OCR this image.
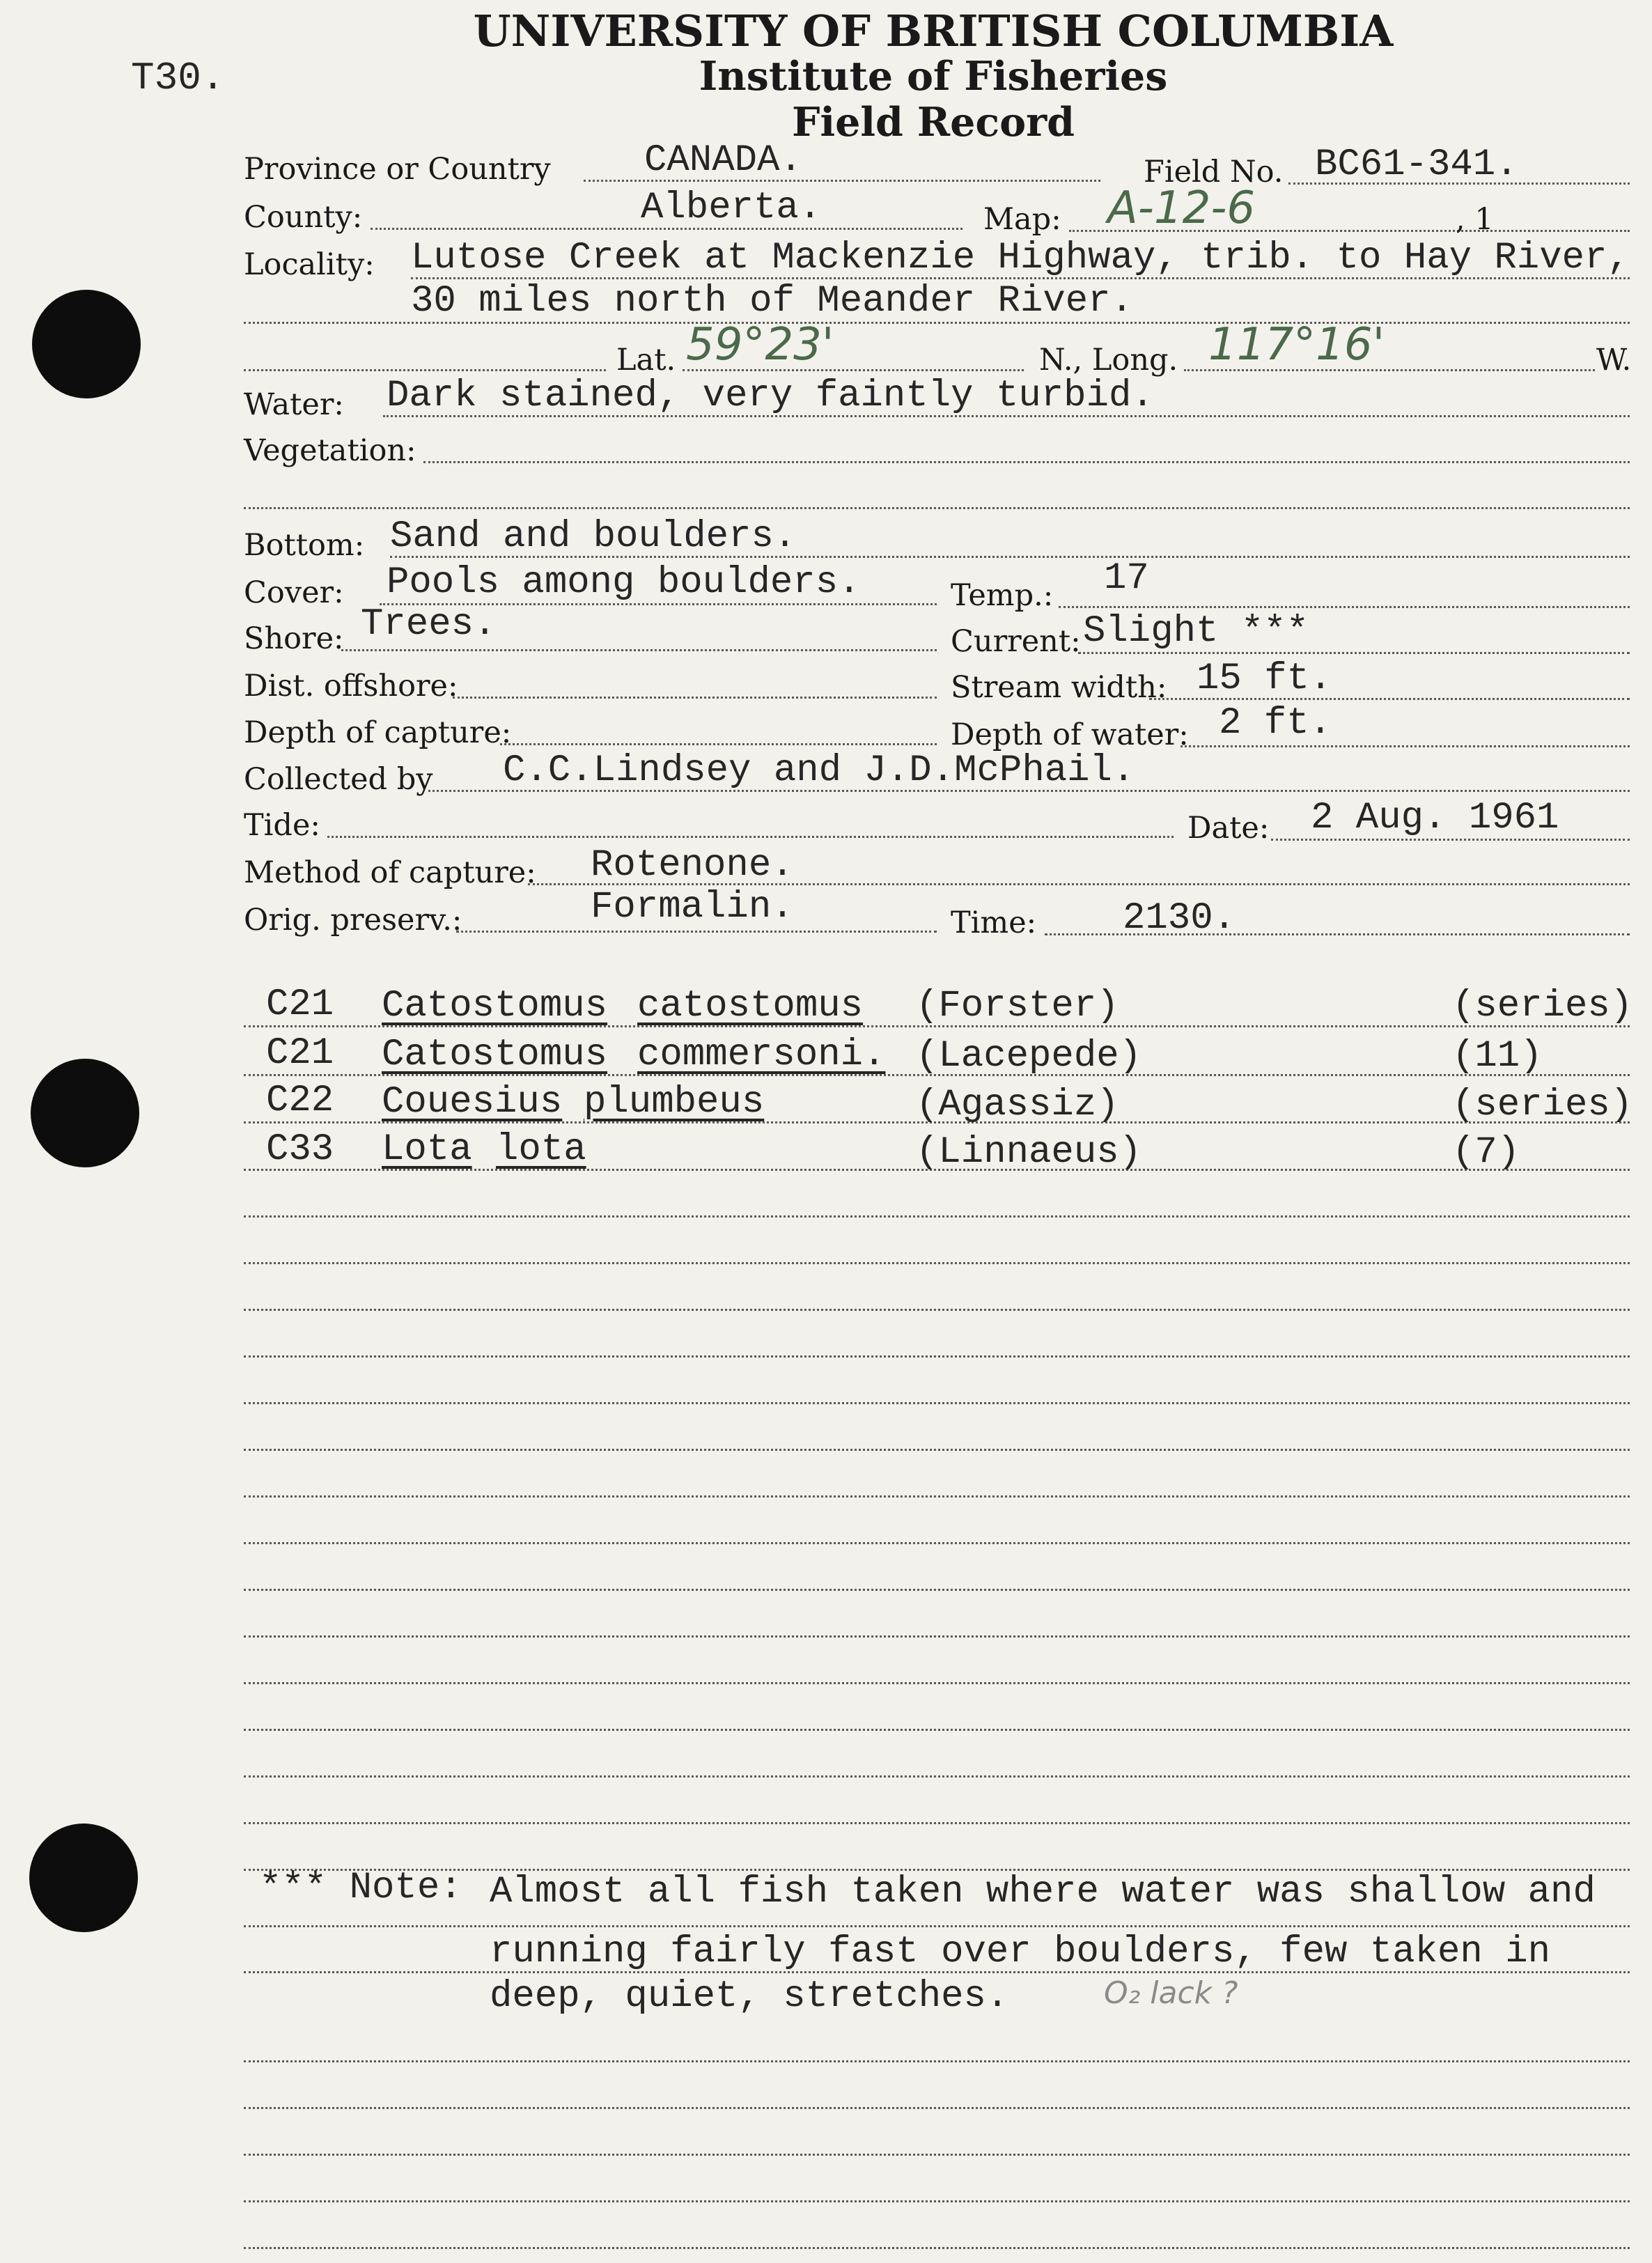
T30.
UNIVERSITY OF BRITISH COLUMBIA
Institute of Fisheries
Field Record
Province or Country CANADA.	Field No. BC61-341.
County:	Alberta.	Map: A-12-6	, 1
Locality: Lutose Creek at Mackenzie Highway, trib. to Hay River,
30 miles north of Meander River.
Lat. 59°23'	N., Long. 117°16'	W.
Water: Dark stained, very faintly turbid.
Vegetation:
Bottom: Sand and boulders.
Cover: Pools among boulders.	Temp.: 17
Shore: Trees.	Current: Slight ***
Dist. offshore:	Stream width: 15 ft.
Depth of capture:	Depth of water: 2 ft.
Collected by C.C.Lindsey and J.D.McPhail.
Tide:	Date: 2 Aug. 1961
Method of capture: Rotenone.
Orig. preserv.:	Formalin.	Time: 2130.
C21 Catostomus catostomus (Forster)	(series)
C21 Catostomus commersoni. (Lacepede)	(11)
C22 Couesius plumbeus	(Agassiz)	(series)
C33 Lota lota	(Linnaeus)	(7)
*** Note: Almost all fish taken where water was shallow and
running fairly fast over boulders, few taken in
deep, quiet, stretches.	O₂ lack ?
